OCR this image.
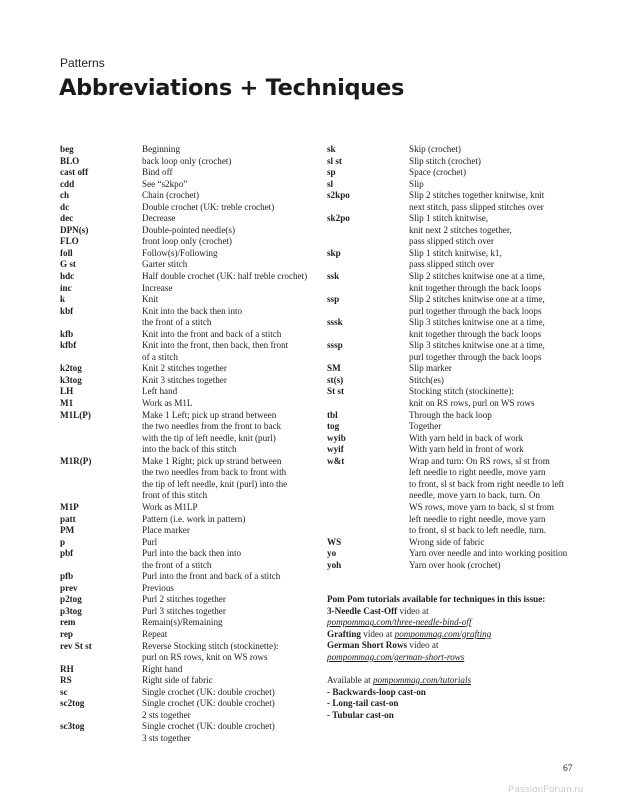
Patterns
Abbreviations + Techniques
beg	Beginning
BLO	back loop only (crochet)
cast off	Bind off
cdd	See “s2kpo”
ch	Chain (crochet)
dc	Double crochet (UK: treble crochet)
dec	Decrease
DPN(s)	Double-pointed needle(s)
FLO	front loop only (crochet)
foll	Follow(s)/Following
G st	Garter stitch
hdc	Half double crochet (UK: half treble crochet)
inc	Increase
k	Knit
kbf	Knit into the back then into
the front of a stitch
kfb	Knit into the front and back of a stitch
kfbf	Knit into the front, then back, then front
of a stitch
k2tog	Knit 2 stitches together
k3tog	Knit 3 stitches together
LH	Left hand
M1	Work as M1L
M1L(P)	Make 1 Left; pick up strand between
the two needles from the front to back
with the tip of left needle, knit (purl)
into the back of this stitch
M1R(P)	Make 1 Right; pick up strand between
the two needles from back to front with
the tip of left needle, knit (purl) into the
front of this stitch
M1P	Work as M1LP
patt	Pattern (i.e. work in pattern)
PM	Place marker
p	Purl
pbf	Purl into the back then into
the front of a stitch
pfb	Purl into the front and back of a stitch
prev	Previous
p2tog	Purl 2 stitches together
p3tog	Purl 3 stitches together
rem	Remain(s)/Remaining
rep	Repeat
rev St st	Reverse Stocking stitch (stockinette):
purl on RS rows, knit on WS rows
RH	Right hand
RS	Right side of fabric
sc	Single crochet (UK: double crochet)
sc2tog	Single crochet (UK: double crochet)
2 sts together
sc3tog	Single crochet (UK: double crochet)
3 sts together
sk	Skip (crochet)
sl st	Slip stitch (crochet)
sp	Space (crochet)
sl	Slip
s2kpo	Slip 2 stitches together knitwise, knit
next stitch, pass slipped stitches over
sk2po	Slip 1 stitch knitwise,
knit next 2 stitches together,
pass slipped stitch over
skp	Slip 1 stitch knitwise, k1,
pass slipped stitch over
ssk	Slip 2 stitches knitwise one at a time,
knit together through the back loops
ssp	Slip 2 stitches knitwise one at a time,
purl together through the back loops
sssk	Slip 3 stitches knitwise one at a time,
knit together through the back loops
sssp	Slip 3 stitches knitwise one at a time,
purl together through the back loops
SM	Slip marker
st(s)	Stitch(es)
St st	Stocking stitch (stockinette):
knit on RS rows, purl on WS rows
tbl	Through the back loop
tog	Together
wyib	With yarn held in back of work
wyif	With yarn held in front of work
w&t	Wrap and turn: On RS rows, sl st from
left needle to right needle, move yarn
to front, sl st back from right needle to left
needle, move yarn to back, turn. On
WS rows, move yarn to back, sl st from
left needle to right needle, move yarn
to front, sl st back to left needle, turn.
WS	Wrong side of fabric
yo	Yarn over needle and into working position
yoh	Yarn over hook (crochet)
Pom Pom tutorials available for techniques in this issue:
3-Needle Cast-Off video at
pompommag.com/three-needle-bind-off
Grafting video at pompommag.com/grafting
German Short Rows video at
pompommag.com/german-short-rows
Available at pompommag.com/tutorials
- Backwards-loop cast-on
- Long-tail cast-on
- Tubular cast-on
67
PassionForum.ru
